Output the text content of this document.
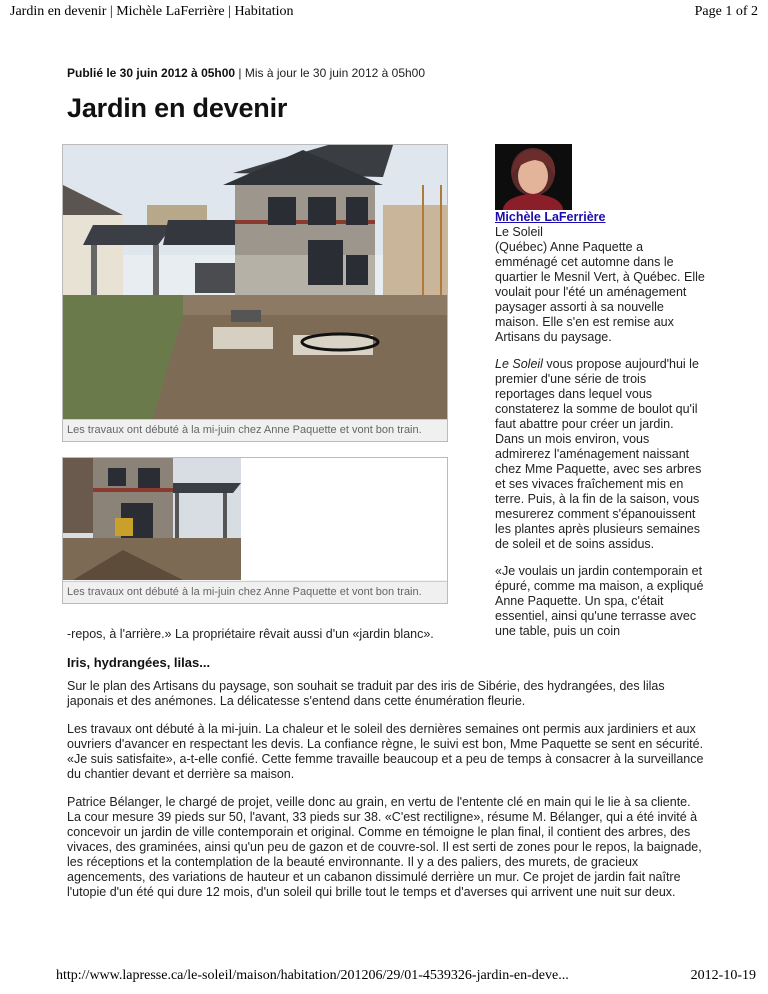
Jardin en devenir | Michèle LaFerrière | Habitation	Page 1 of 2
Publié le 30 juin 2012 à 05h00 | Mis à jour le 30 juin 2012 à 05h00
Jardin en devenir
Les travaux ont débuté à la mi-juin chez Anne Paquette et vont bon train.
Les travaux ont débuté à la mi-juin chez Anne Paquette et vont bon train.

Michèle LaFerrière
Le Soleil
(Québec) Anne Paquette a emménagé cet automne dans le quartier le Mesnil Vert, à Québec. Elle voulait pour l'été un aménagement paysager assorti à sa nouvelle maison. Elle s'en est remise aux Artisans du paysage.

Le Soleil vous propose aujourd'hui le premier d'une série de trois reportages dans lequel vous constaterez la somme de boulot qu'il faut abattre pour créer un jardin. Dans un mois environ, vous admirerez l'aménagement naissant chez Mme Paquette, avec ses arbres et ses vivaces fraîchement mis en terre. Puis, à la fin de la saison, vous mesurerez comment s'épanouissent les plantes après plusieurs semaines de soleil et de soins assidus.

«Je voulais un jardin contemporain et épuré, comme ma maison, a expliqué Anne Paquette. Un spa, c'était essentiel, ainsi qu'une terrasse avec une table, puis un coin

-repos, à l'arrière.» La propriétaire rêvait aussi d'un «jardin blanc».
Iris, hydrangées, lilas...

Sur le plan des Artisans du paysage, son souhait se traduit par des iris de Sibérie, des hydrangées, des lilas japonais et des anémones. La délicatesse s'entend dans cette énumération fleurie.

Les travaux ont débuté à la mi-juin. La chaleur et le soleil des dernières semaines ont permis aux jardiniers et aux ouvriers d'avancer en respectant les devis. La confiance règne, le suivi est bon, Mme Paquette se sent en sécurité. «Je suis satisfaite», a-t-elle confié. Cette femme travaille beaucoup et a peu de temps à consacrer à la surveillance du chantier devant et derrière sa maison.

Patrice Bélanger, le chargé de projet, veille donc au grain, en vertu de l'entente clé en main qui le lie à sa cliente. La cour mesure 39 pieds sur 50, l'avant, 33 pieds sur 38. «C'est rectiligne», résume M. Bélanger, qui a été invité à concevoir un jardin de ville contemporain et original. Comme en témoigne le plan final, il contient des arbres, des vivaces, des graminées, ainsi qu'un peu de gazon et de couvre-sol. Il est serti de zones pour le repos, la baignade, les réceptions et la contemplation de la beauté environnante. Il y a des paliers, des murets, de gracieux agencements, des variations de hauteur et un cabanon dissimulé derrière un mur. Ce projet de jardin fait naître l'utopie d'un été qui dure 12 mois, d'un soleil qui brille tout le temps et d'averses qui arrivent une nuit sur deux.

http://www.lapresse.ca/le-soleil/maison/habitation/201206/29/01-4539326-jardin-en-deve...	2012-10-19
